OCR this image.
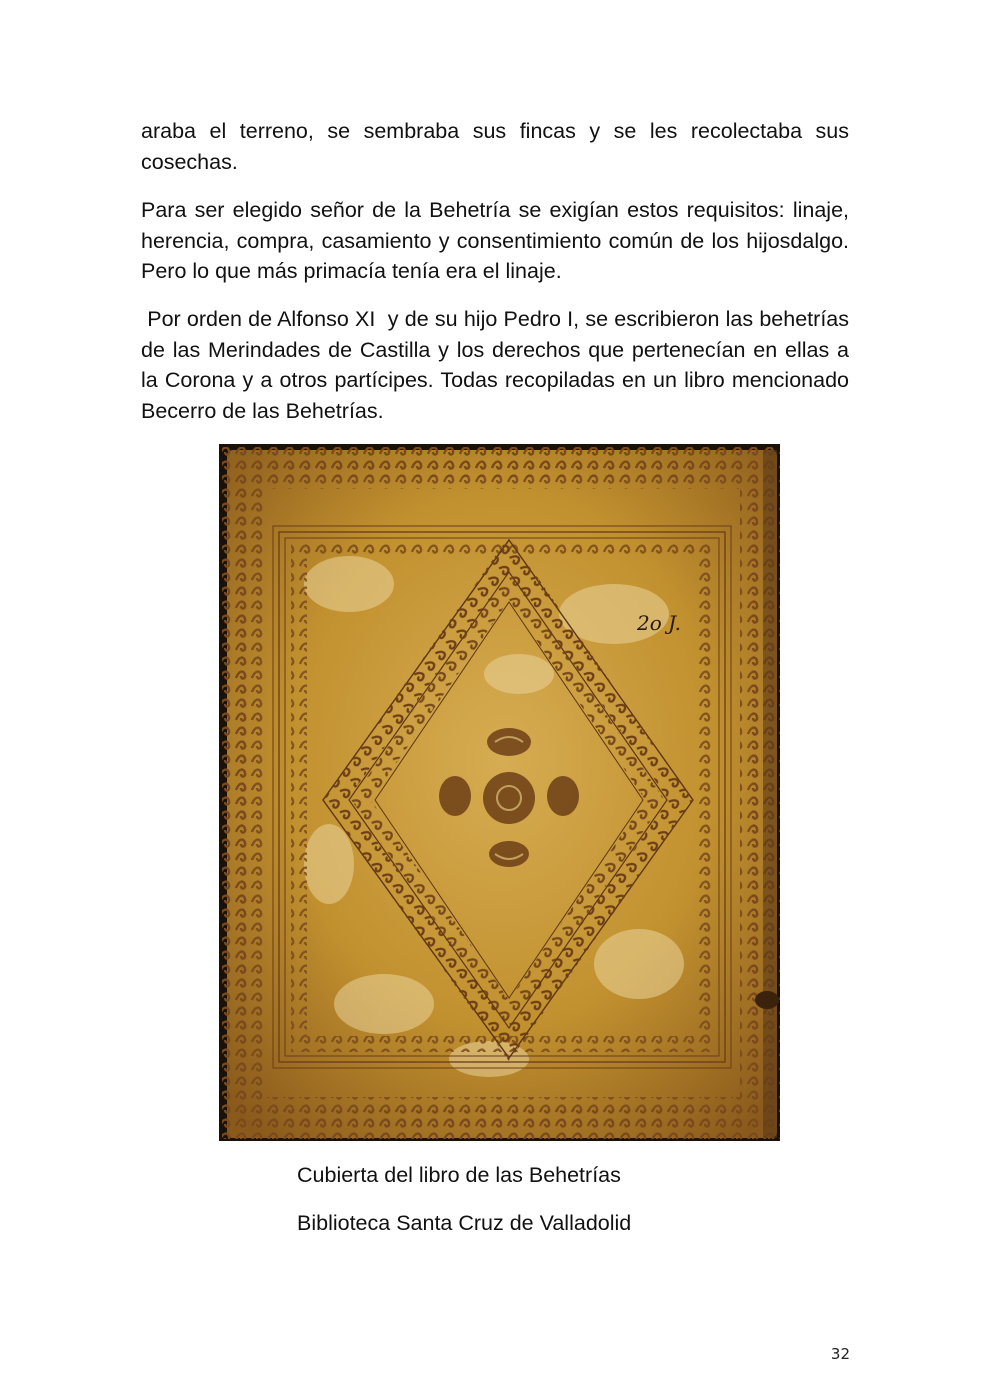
araba el terreno, se sembraba sus fincas y se les recolectaba sus cosechas.

Para ser elegido señor de la Behetría se exigían estos requisitos: linaje, herencia, compra, casamiento y consentimiento común de los hijosdalgo. Pero lo que más primacía tenía era el linaje.

Por orden de Alfonso XI  y de su hijo Pedro I, se escribieron las behetrías de las Merindades de Castilla y los derechos que pertenecían en ellas a la Corona y a otros partícipes. Todas recopiladas en un libro mencionado  Becerro de las Behetrías.

2o J.

Cubierta del libro de las Behetrías

Biblioteca Santa Cruz de Valladolid

32
